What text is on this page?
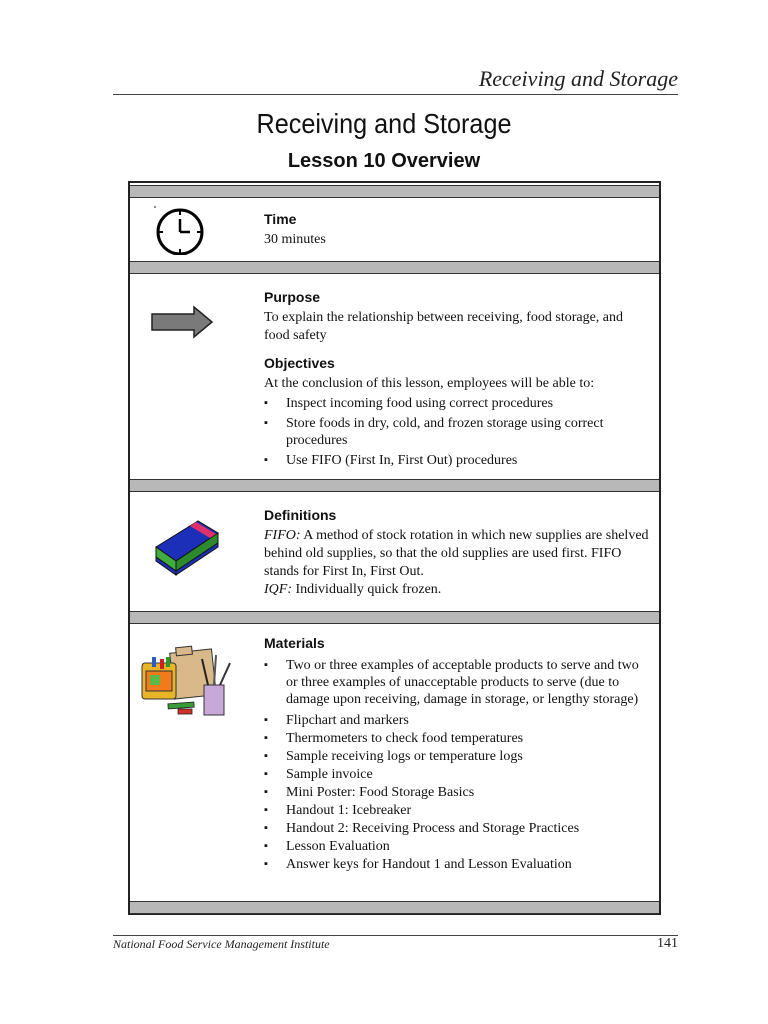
Receiving and Storage
Receiving and Storage
Lesson 10 Overview
Time

30 minutes

Purpose

To explain the relationship between receiving, food storage, and food safety

Objectives

At the conclusion of this lesson, employees will be able to:

▪ Inspect incoming food using correct procedures
▪ Store foods in dry, cold, and frozen storage using correct procedures
▪ Use FIFO (First In, First Out) procedures
Definitions

FIFO: A method of stock rotation in which new supplies are shelved behind old supplies, so that the old supplies are used first. FIFO stands for First In, First Out.

IQF: Individually quick frozen.

Materials
▪ Two or three examples of acceptable products to serve and two or three examples of unacceptable products to serve (due to damage upon receiving, damage in storage, or lengthy storage)
▪ Flipchart and markers
▪ Thermometers to check food temperatures
▪ Sample receiving logs or temperature logs
▪ Sample invoice
▪ Mini Poster: Food Storage Basics
▪ Handout 1: Icebreaker
▪ Handout 2: Receiving Process and Storage Practices
▪ Lesson Evaluation
▪ Answer keys for Handout 1 and Lesson Evaluation
National Food Service Management Institute	141
